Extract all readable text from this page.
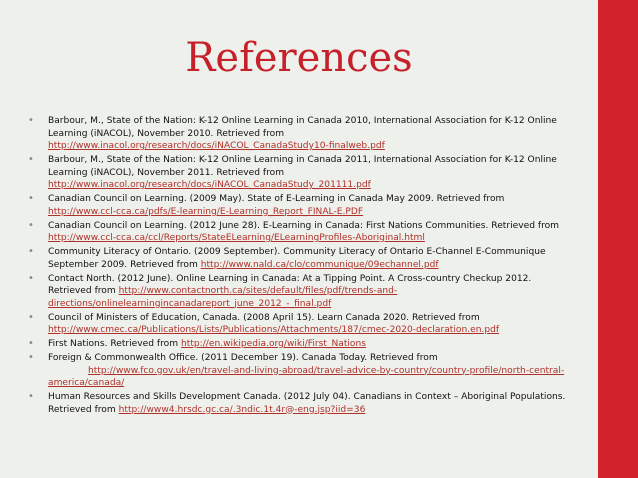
References
• Barbour, M., State of the Nation: K-12 Online Learning in Canada 2010, International Association for K-12 Online Learning (iNACOL), November 2010. Retrieved from
http://www.inacol.org/research/docs/iNACOL_CanadaStudy10-finalweb.pdf
• Barbour, M., State of the Nation: K-12 Online Learning in Canada 2011, International Association for K-12 Online Learning (iNACOL), November 2011. Retrieved from
http://www.inacol.org/research/docs/iNACOL_CanadaStudy_201111.pdf
• Canadian Council on Learning. (2009 May). State of E-Learning in Canada May 2009. Retrieved from http://www.ccl-cca.ca/pdfs/E-learning/E-Learning_Report_FINAL-E.PDF
• Canadian Council on Learning. (2012 June 28). E-Learning in Canada: First Nations Communities. Retrieved from http://www.ccl-cca.ca/ccl/Reports/StateELearning/ELearningProfiles-Aboriginal.html
• Community Literacy of Ontario. (2009 September). Community Literacy of Ontario E-Channel E-Communique September 2009. Retrieved from http://www.nald.ca/clo/communique/09echannel.pdf
• Contact North. (2012 June). Online Learning in Canada: At a Tipping Point. A Cross-country Checkup 2012. Retrieved from http://www.contactnorth.ca/sites/default/files/pdf/trends-and-directions/onlinelearningincanadareport_june_2012_-_final.pdf
• Council of Ministers of Education, Canada. (2008 April 15). Learn Canada 2020. Retrieved from
http://www.cmec.ca/Publications/Lists/Publications/Attachments/187/cmec-2020-declaration.en.pdf
• First Nations. Retrieved from http://en.wikipedia.org/wiki/First_Nations
• Foreign & Commonwealth Office. (2011 December 19). Canada Today. Retrieved from
http://www.fco.gov.uk/en/travel-and-living-abroad/travel-advice-by-country/country-profile/north-central-america/canada/
• Human Resources and Skills Development Canada. (2012 July 04). Canadians in Context – Aboriginal Populations. Retrieved from http://www4.hrsdc.gc.ca/.3ndic.1t.4r@-eng.jsp?iid=36
